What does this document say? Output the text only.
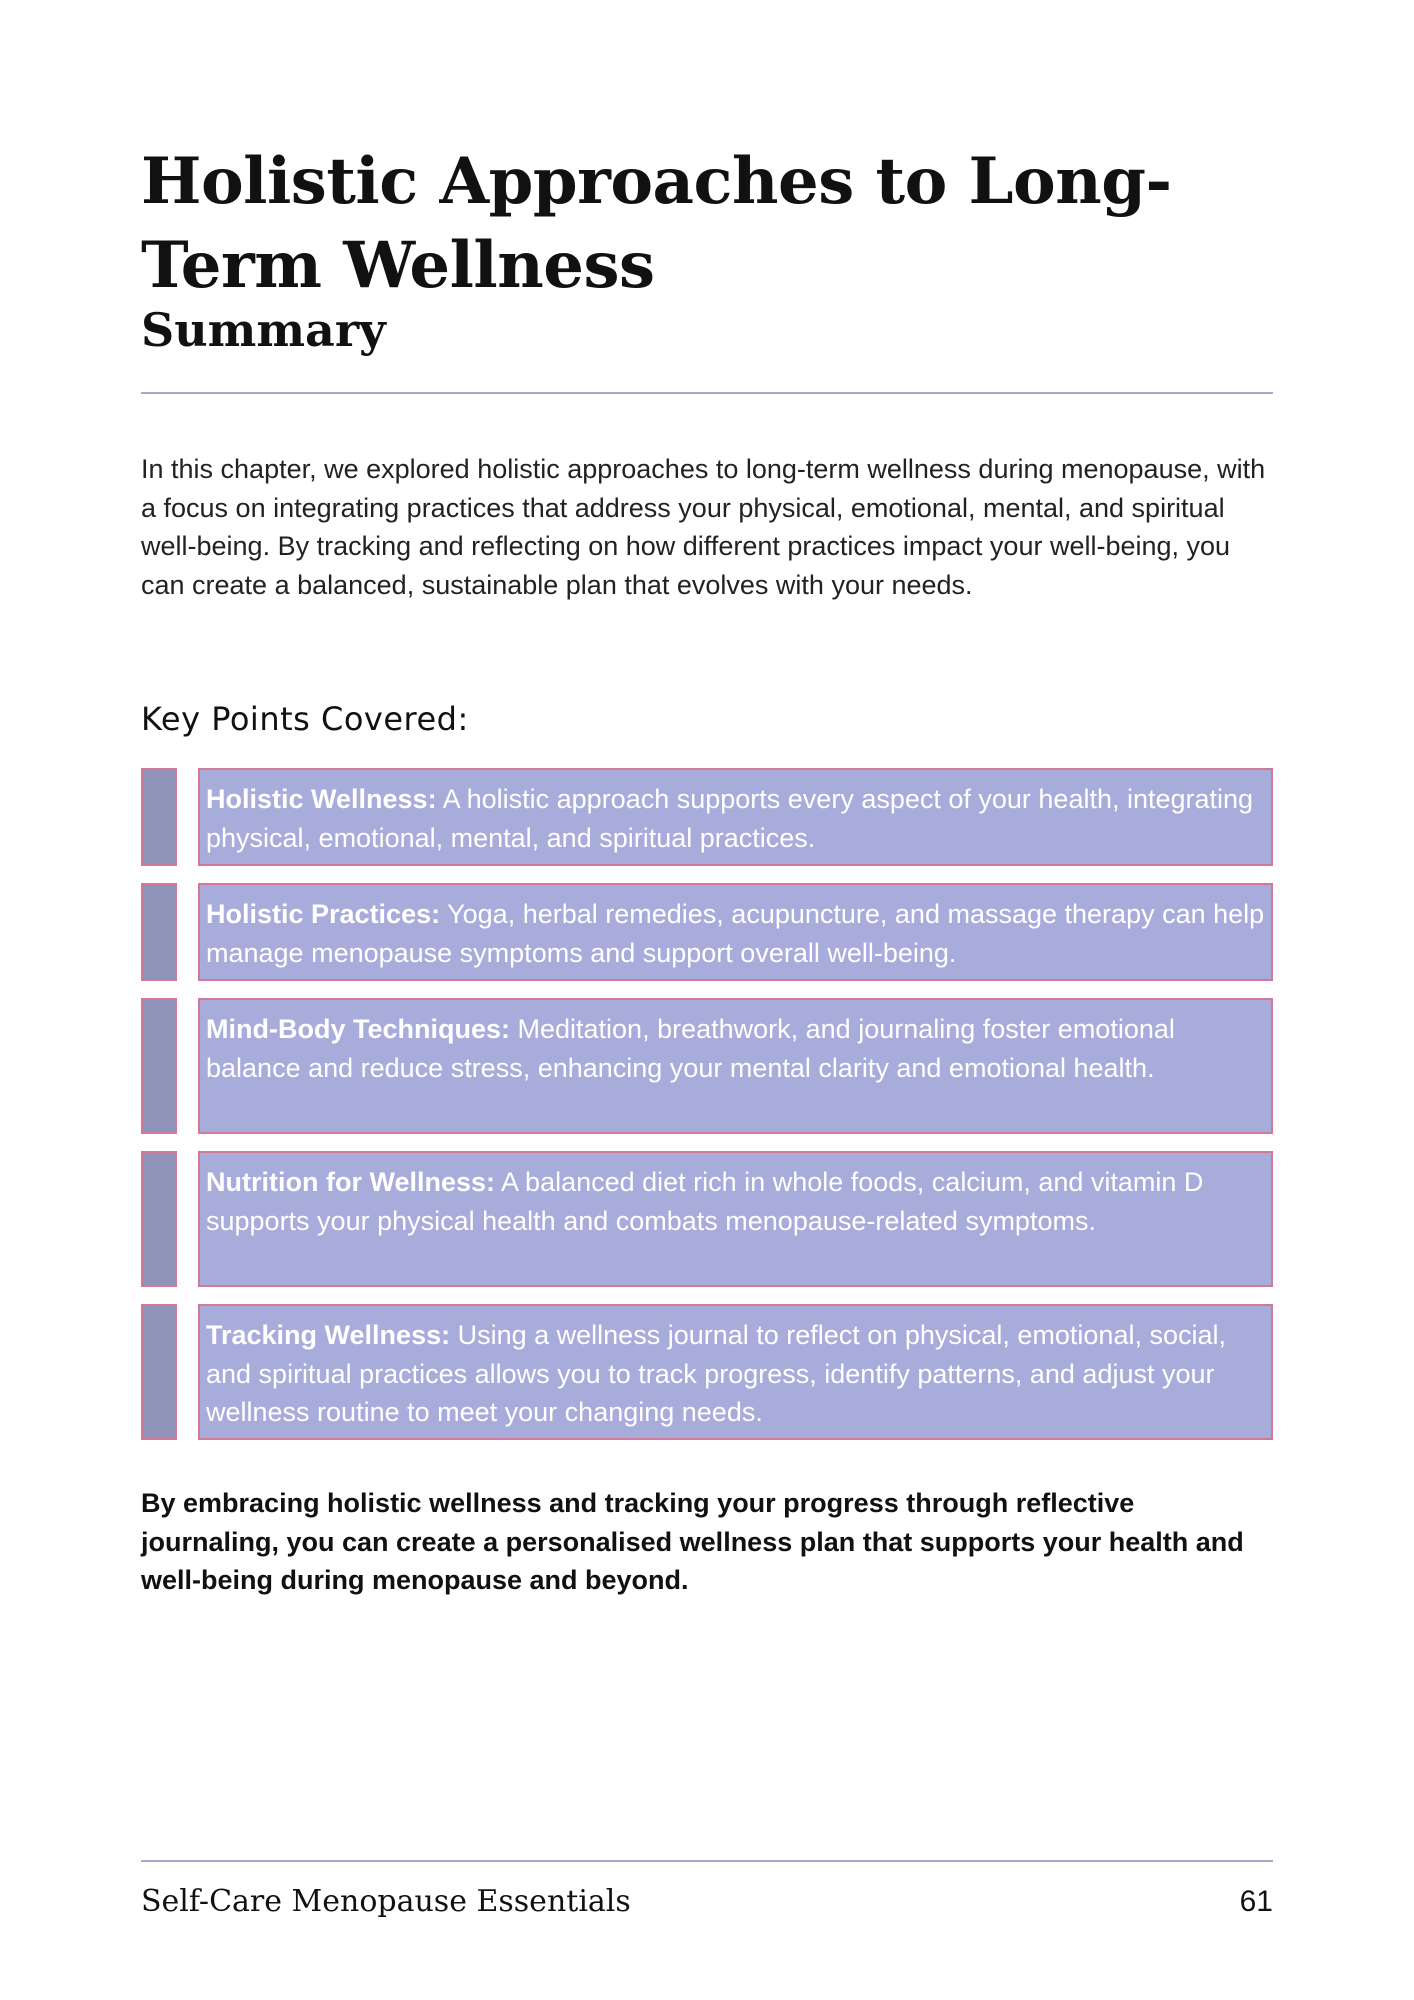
Holistic Approaches to Long-Term Wellness
Summary

In this chapter, we explored holistic approaches to long-term wellness during menopause, with a focus on integrating practices that address your physical, emotional, mental, and spiritual well-being. By tracking and reflecting on how different practices impact your well-being, you can create a balanced, sustainable plan that evolves with your needs.

Key Points Covered:
Holistic Wellness: A holistic approach supports every aspect of your health, integrating physical, emotional, mental, and spiritual practices.
Holistic Practices: Yoga, herbal remedies, acupuncture, and massage therapy can help manage menopause symptoms and support overall well-being.
Mind-Body Techniques: Meditation, breathwork, and journaling foster emotional balance and reduce stress, enhancing your mental clarity and emotional health.
Nutrition for Wellness: A balanced diet rich in whole foods, calcium, and vitamin D supports your physical health and combats menopause-related symptoms.
Tracking Wellness: Using a wellness journal to reflect on physical, emotional, social, and spiritual practices allows you to track progress, identify patterns, and adjust your wellness routine to meet your changing needs.

By embracing holistic wellness and tracking your progress through reflective journaling, you can create a personalised wellness plan that supports your health and well-being during menopause and beyond.

Self-Care Menopause Essentials	61
